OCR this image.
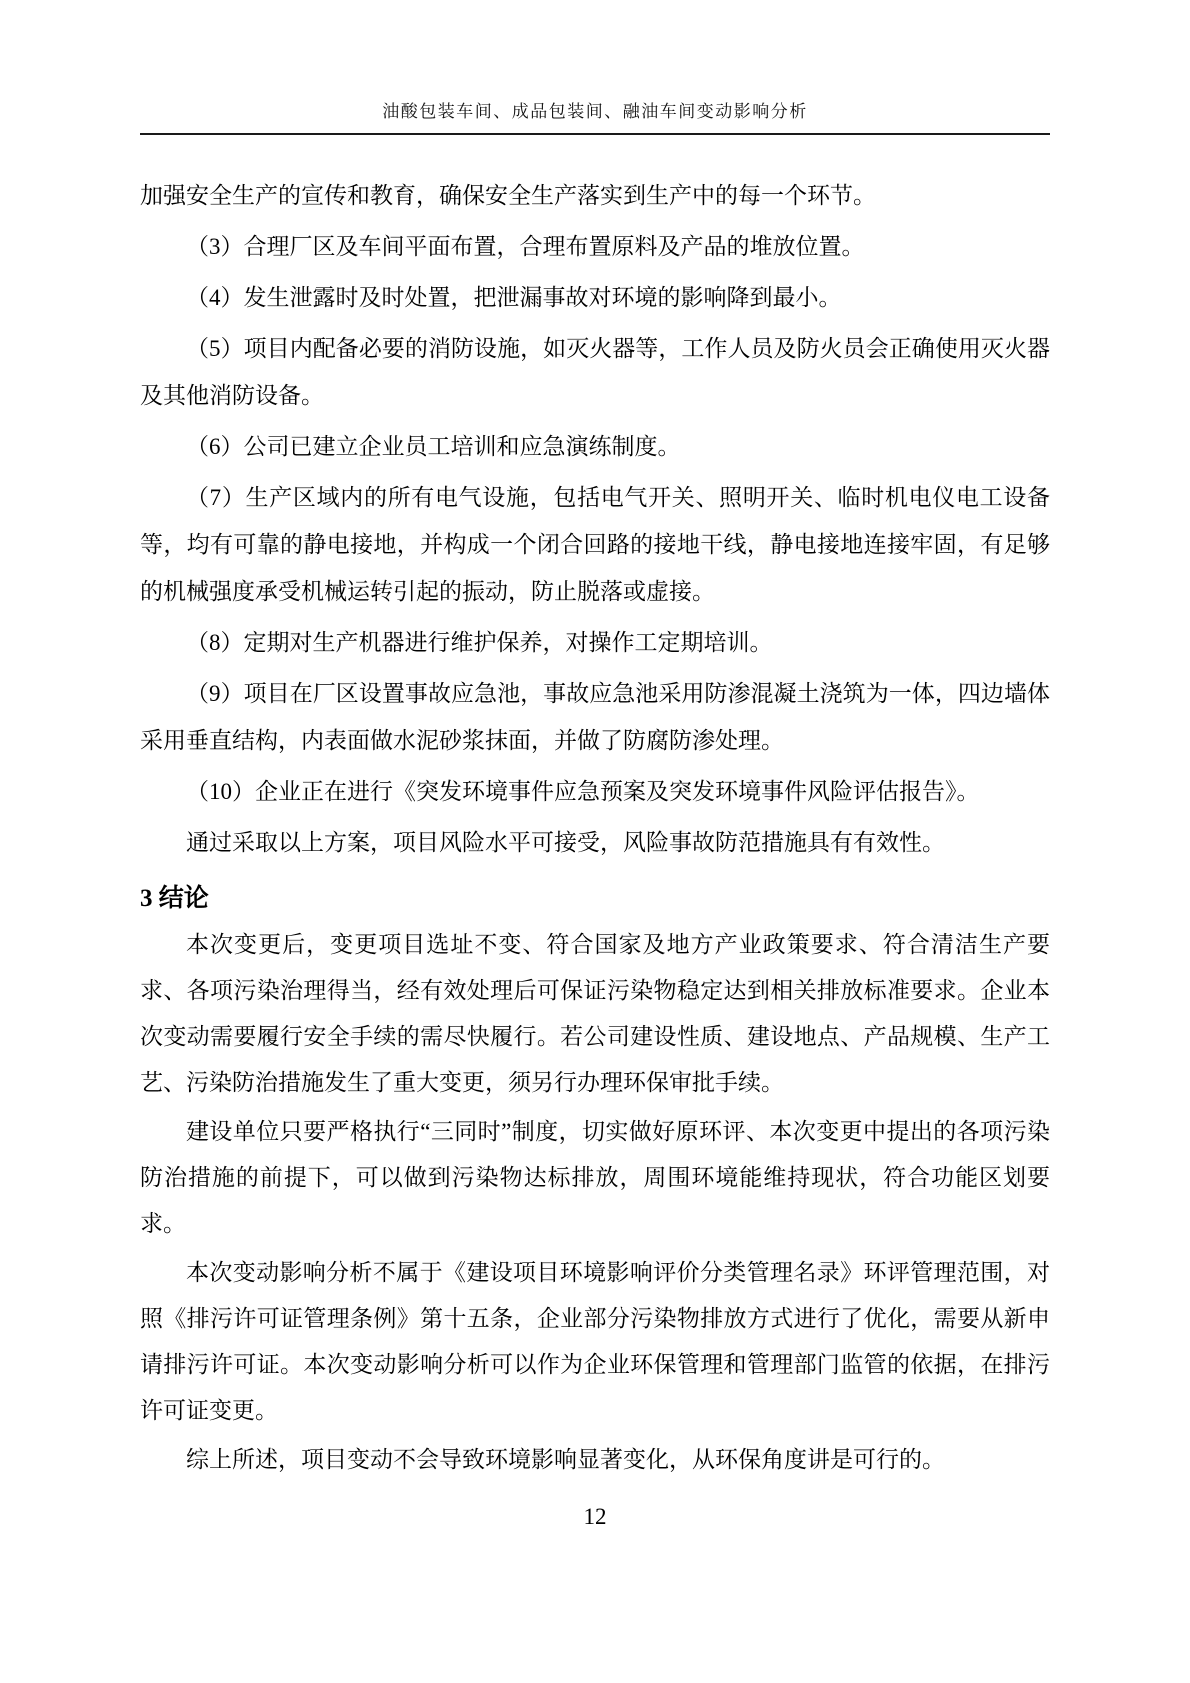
油酸包装车间、成品包装间、融油车间变动影响分析

加强安全生产的宣传和教育，确保安全生产落实到生产中的每一个环节。

（3）合理厂区及车间平面布置，合理布置原料及产品的堆放位置。

（4）发生泄露时及时处置，把泄漏事故对环境的影响降到最小。

（5）项目内配备必要的消防设施，如灭火器等，工作人员及防火员会正确使用灭火器及其他消防设备。

（6）公司已建立企业员工培训和应急演练制度。

（7）生产区域内的所有电气设施，包括电气开关、照明开关、临时机电仪电工设备等，均有可靠的静电接地，并构成一个闭合回路的接地干线，静电接地连接牢固，有足够的机械强度承受机械运转引起的振动，防止脱落或虚接。

（8）定期对生产机器进行维护保养，对操作工定期培训。

（9）项目在厂区设置事故应急池，事故应急池采用防渗混凝土浇筑为一体，四边墙体采用垂直结构，内表面做水泥砂浆抹面，并做了防腐防渗处理。

（10）企业正在进行《突发环境事件应急预案及突发环境事件风险评估报告》。

通过采取以上方案，项目风险水平可接受，风险事故防范措施具有有效性。

3 结论

本次变更后，变更项目选址不变、符合国家及地方产业政策要求、符合清洁生产要求、各项污染治理得当，经有效处理后可保证污染物稳定达到相关排放标准要求。企业本次变动需要履行安全手续的需尽快履行。若公司建设性质、建设地点、产品规模、生产工艺、污染防治措施发生了重大变更，须另行办理环保审批手续。

建设单位只要严格执行“三同时”制度，切实做好原环评、本次变更中提出的各项污染防治措施的前提下，可以做到污染物达标排放，周围环境能维持现状，符合功能区划要求。

本次变动影响分析不属于《建设项目环境影响评价分类管理名录》环评管理范围，对照《排污许可证管理条例》第十五条，企业部分污染物排放方式进行了优化，需要从新申请排污许可证。本次变动影响分析可以作为企业环保管理和管理部门监管的依据，在排污许可证变更。

综上所述，项目变动不会导致环境影响显著变化，从环保角度讲是可行的。

12
